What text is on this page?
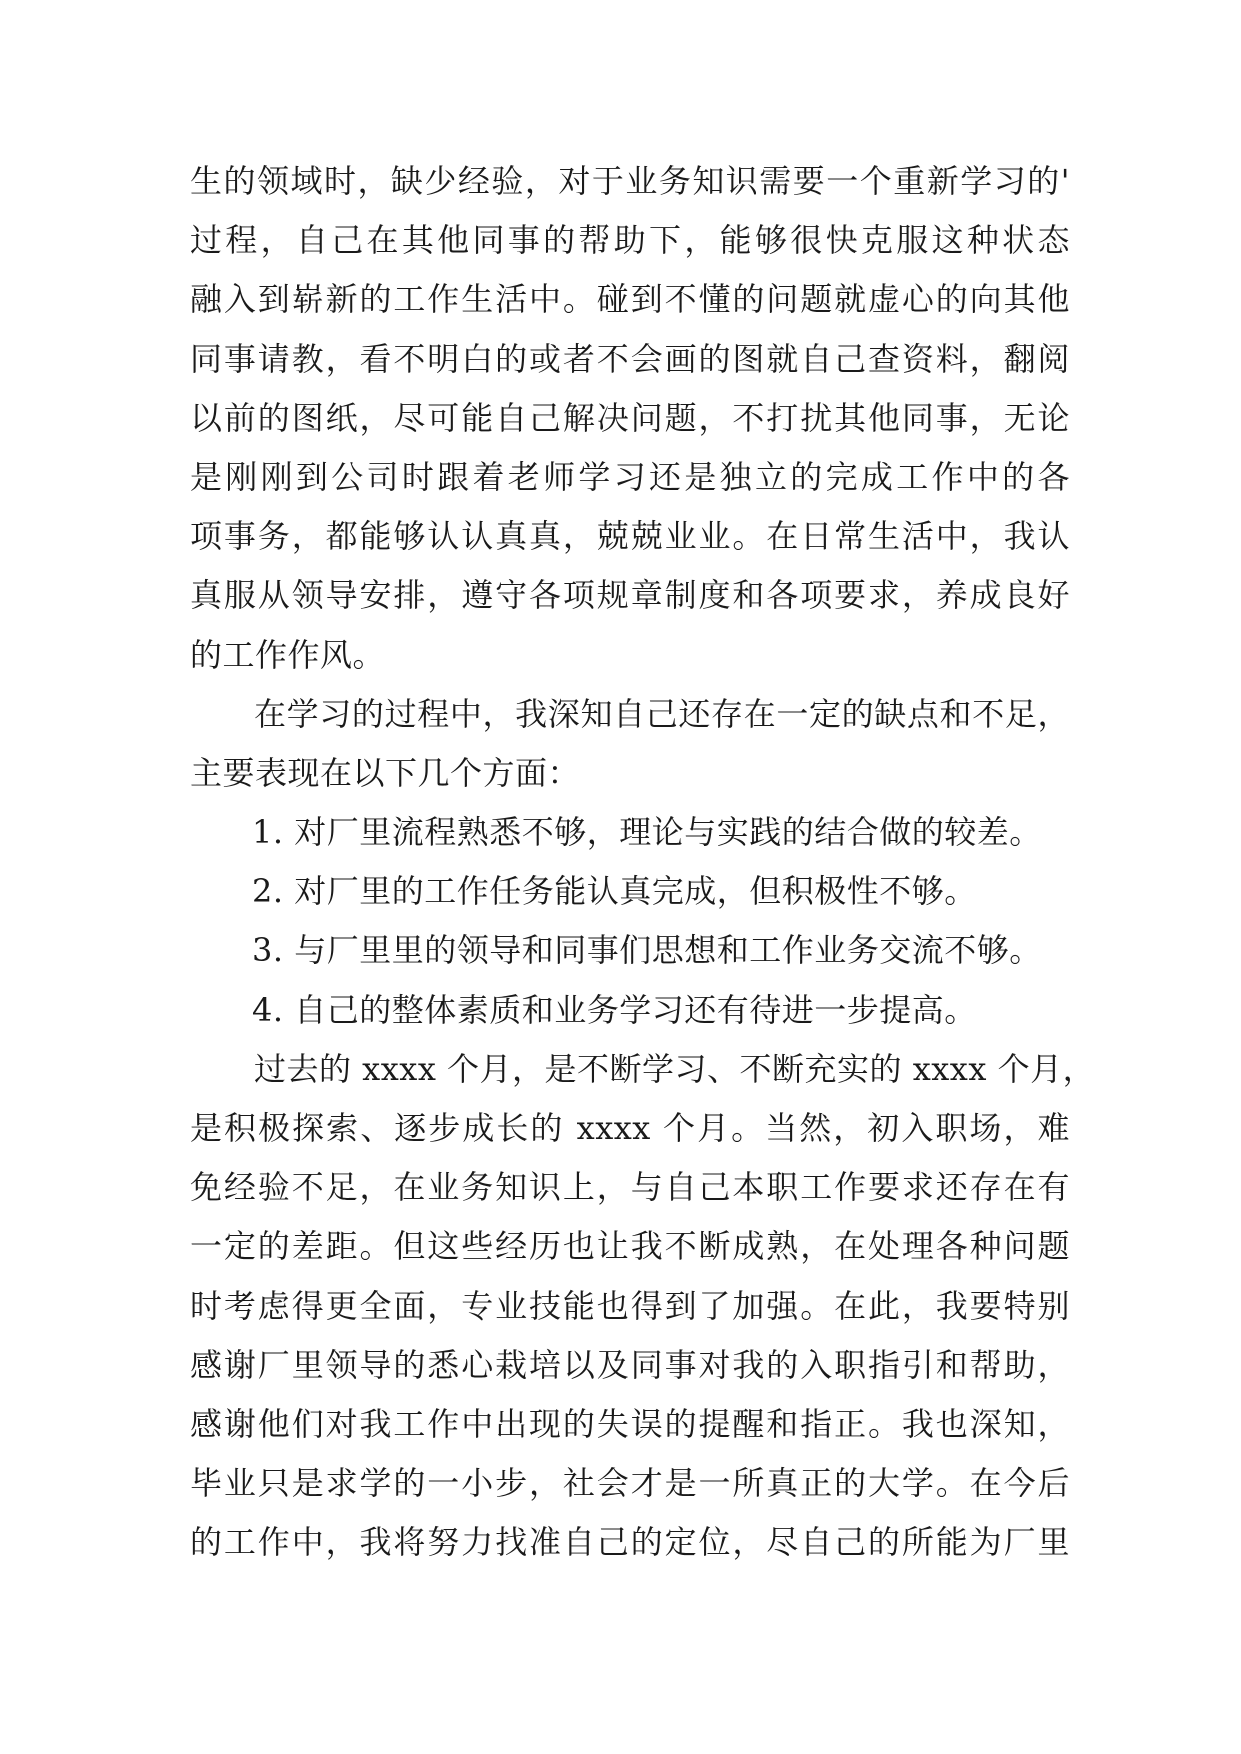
生的领域时，缺少经验，对于业务知识需要一个重新学习的'
过程，自己在其他同事的帮助下，能够很快克服这种状态
融入到崭新的工作生活中。碰到不懂的问题就虚心的向其他
同事请教，看不明白的或者不会画的图就自己查资料，翻阅
以前的图纸，尽可能自己解决问题，不打扰其他同事，无论
是刚刚到公司时跟着老师学习还是独立的完成工作中的各
项事务，都能够认认真真，兢兢业业。在日常生活中，我认
真服从领导安排，遵守各项规章制度和各项要求，养成良好
的工作作风。
在学习的过程中，我深知自己还存在一定的缺点和不足，
主要表现在以下几个方面：
1. 对厂里流程熟悉不够，理论与实践的结合做的较差。
2. 对厂里的工作任务能认真完成，但积极性不够。
3. 与厂里里的领导和同事们思想和工作业务交流不够。
4. 自己的整体素质和业务学习还有待进一步提高。
过去的 xxxx 个月，是不断学习、不断充实的 xxxx 个月，
是积极探索、逐步成长的 xxxx 个月。当然，初入职场，难
免经验不足，在业务知识上，与自己本职工作要求还存在有
一定的差距。但这些经历也让我不断成熟，在处理各种问题
时考虑得更全面，专业技能也得到了加强。在此，我要特别
感谢厂里领导的悉心栽培以及同事对我的入职指引和帮助，
感谢他们对我工作中出现的失误的提醒和指正。我也深知，
毕业只是求学的一小步，社会才是一所真正的大学。在今后
的工作中，我将努力找准自己的定位，尽自己的所能为厂里
